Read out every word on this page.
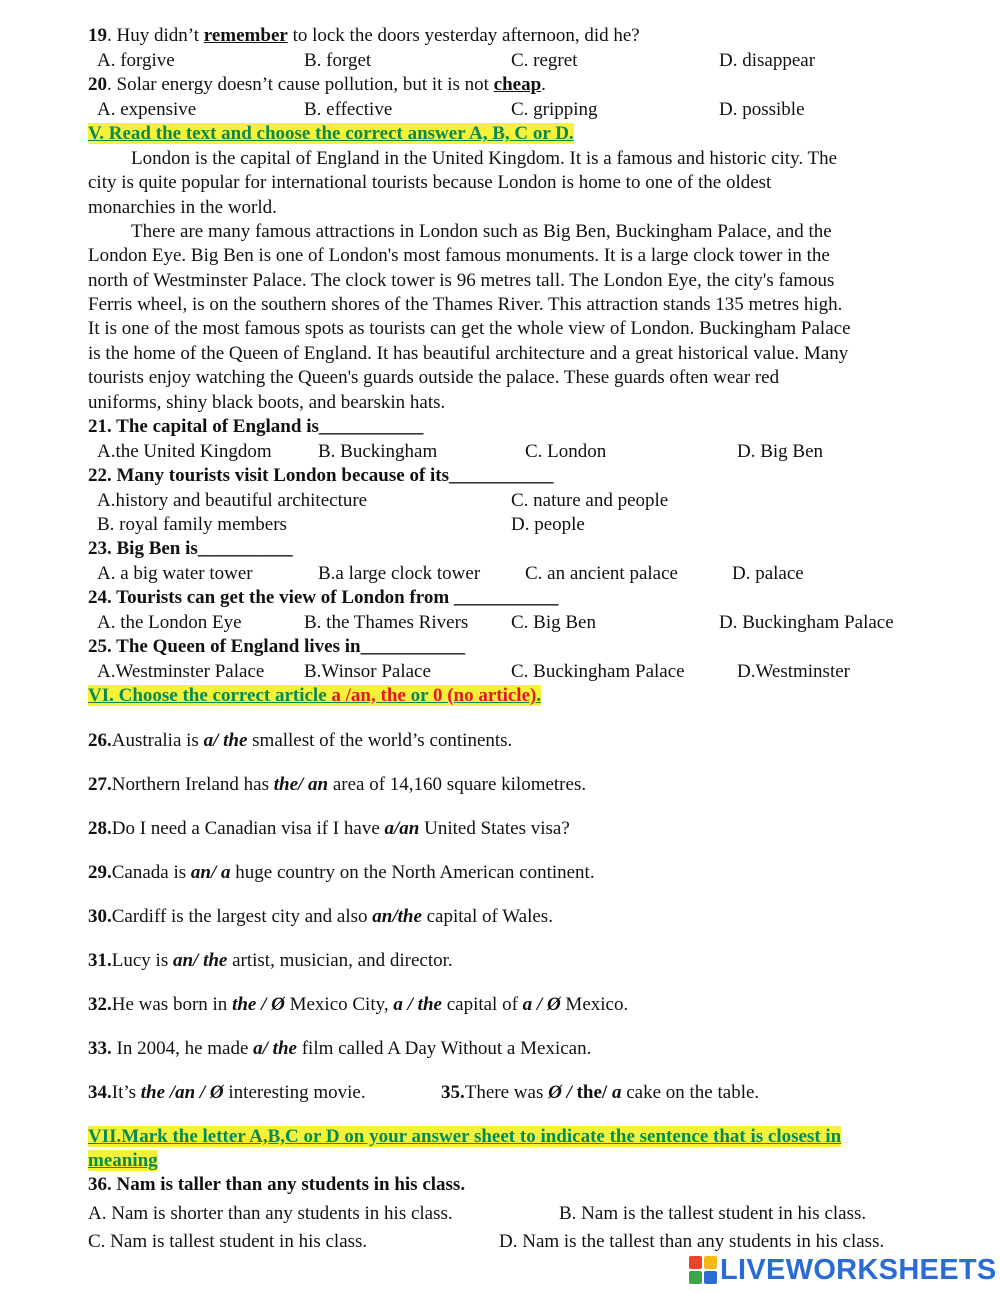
19. Huy didn’t remember to lock the doors yesterday afternoon, did he?
A. forgive	B. forget	C. regret	D. disappear
20. Solar energy doesn’t cause pollution, but it is not cheap.
A. expensive	B. effective	C. gripping	D. possible
V. Read the text and choose the correct answer A, B, C or D.
London is the capital of England in the United Kingdom. It is a famous and historic city. The
city is quite popular for international tourists because London is home to one of the oldest
monarchies in the world.
There are many famous attractions in London such as Big Ben, Buckingham Palace, and the
London Eye. Big Ben is one of London's most famous monuments. It is a large clock tower in the
north of Westminster Palace. The clock tower is 96 metres tall. The London Eye, the city's famous
Ferris wheel, is on the southern shores of the Thames River. This attraction stands 135 metres high.
It is one of the most famous spots as tourists can get the whole view of London. Buckingham Palace
is the home of the Queen of England. It has beautiful architecture and a great historical value. Many
tourists enjoy watching the Queen's guards outside the palace. These guards often wear red
uniforms, shiny black boots, and bearskin hats.
21. The capital of England is___________
A.the United Kingdom B. Buckingham	C. London	D. Big Ben
22. Many tourists visit London because of its___________
A.history and beautiful architecture	C. nature and people
B. royal family members	D. people
23. Big Ben is__________
A. a big water tower	B.a large clock tower C. an ancient palace	D. palace
24. Tourists can get the view of London from ___________
A. the London Eye	B. the Thames Rivers C. Big Ben	D. Buckingham Palace
25. The Queen of England lives in___________
A.Westminster Palace B.Winsor Palace	C. Buckingham Palace	D.Westminster
VI. Choose the correct article a /an, the or 0 (no article).
26.Australia is a/ the smallest of the world’s continents.
27.Northern Ireland has the/ an area of 14,160 square kilometres.
28.Do I need a Canadian visa if I have a/an United States visa?
29.Canada is an/ a huge country on the North American continent.
30.Cardiff is the largest city and also an/the capital of Wales.
31.Lucy is an/ the artist, musician, and director.
32.He was born in the / Ø Mexico City, a / the capital of a / Ø Mexico.
33. In 2004, he made a/ the film called A Day Without a Mexican.
34.It’s the /an / Ø interesting movie.	35.There was Ø / the/ a cake on the table.
VII.Mark the letter A,B,C or D on your answer sheet to indicate the sentence that is closest in
meaning
36. Nam is taller than any students in his class.
A. Nam is shorter than any students in his class.	B. Nam is the tallest student in his class.
C. Nam is tallest student in his class.	D. Nam is the tallest than any students in his class.
LIVEWORKSHEETS
